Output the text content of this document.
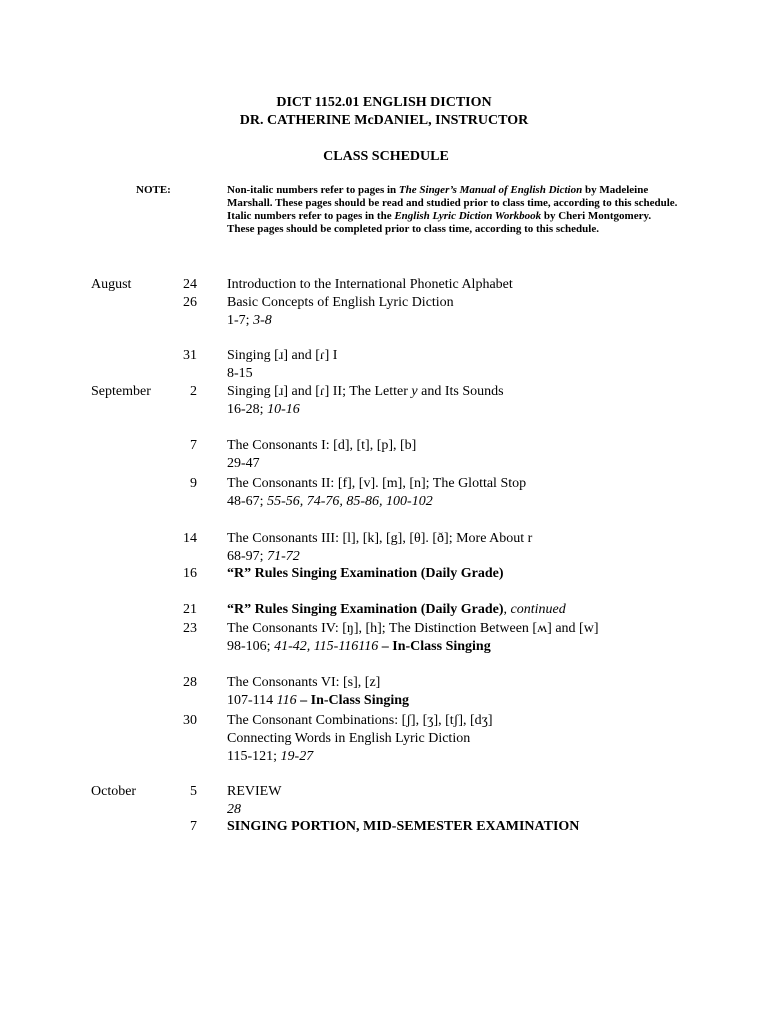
DICT 1152.01 ENGLISH DICTION
DR. CATHERINE McDANIEL, INSTRUCTOR
CLASS SCHEDULE
NOTE:	Non-italic numbers refer to pages in The Singer’s Manual of English Diction by Madeleine Marshall. These pages should be read and studied prior to class time, according to this schedule. Italic numbers refer to pages in the English Lyric Diction Workbook by Cheri Montgomery. These pages should be completed prior to class time, according to this schedule.
August	24 Introduction to the International Phonetic Alphabet
26 Basic Concepts of English Lyric Diction
1-7; 3-8
31 Singing [ɹ] and [ɾ] I
8-15
September	2 Singing [ɹ] and [ɾ] II; The Letter y and Its Sounds
16-28; 10-16
7 The Consonants I: [d], [t], [p], [b]
29-47
9 The Consonants II: [f], [v]. [m], [n]; The Glottal Stop
48-67; 55-56, 74-76, 85-86, 100-102
14 The Consonants III: [l], [k], [g], [θ]. [ð]; More About r
68-97; 71-72
16 “R” Rules Singing Examination (Daily Grade)
21 “R” Rules Singing Examination (Daily Grade), continued
23 The Consonants IV: [ŋ], [h]; The Distinction Between [ʍ] and [w]
98-106; 41-42, 115-116116 – In-Class Singing
28 The Consonants VI: [s], [z]
107-114 116 – In-Class Singing
30 The Consonant Combinations: [ʃ], [ʒ], [tʃ], [dʒ]
Connecting Words in English Lyric Diction
115-121; 19-27
October	5 REVIEW
28
7 SINGING PORTION, MID-SEMESTER EXAMINATION
